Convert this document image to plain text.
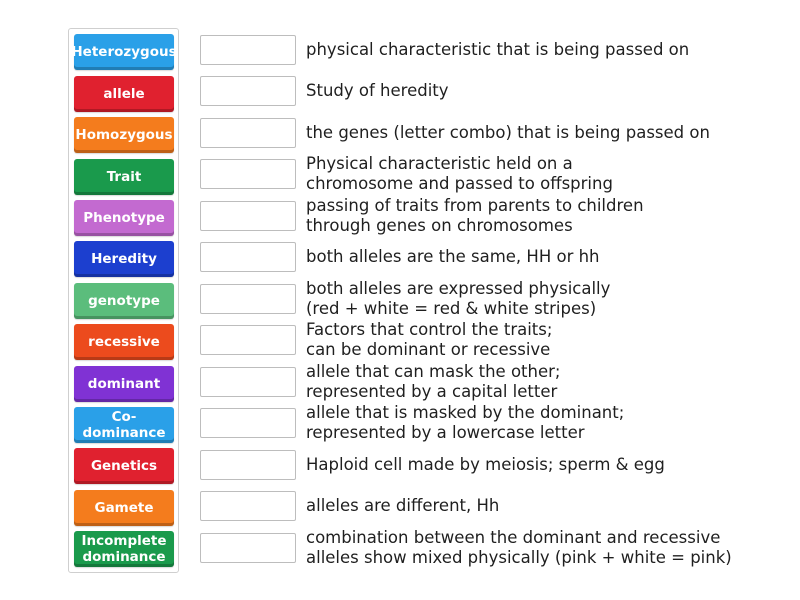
Heterozygous
allele
Homozygous
Trait
Phenotype
Heredity
genotype
recessive
dominant
Co-dominance
Genetics
Gamete
Incomplete dominance
physical characteristic that is being passed on
Study of heredity
the genes (letter combo) that is being passed on
Physical characteristic held on a
chromosome and passed to offspring
passing of traits from parents to children
through genes on chromosomes
both alleles are the same, HH or hh
both alleles are expressed physically
(red + white = red & white stripes)
Factors that control the traits;
can be dominant or recessive
allele that can mask the other;
represented by a capital letter
allele that is masked by the dominant;
represented by a lowercase letter
Haploid cell made by meiosis; sperm & egg
alleles are different, Hh
combination between the dominant and recessive
alleles show mixed physically (pink + white = pink)
